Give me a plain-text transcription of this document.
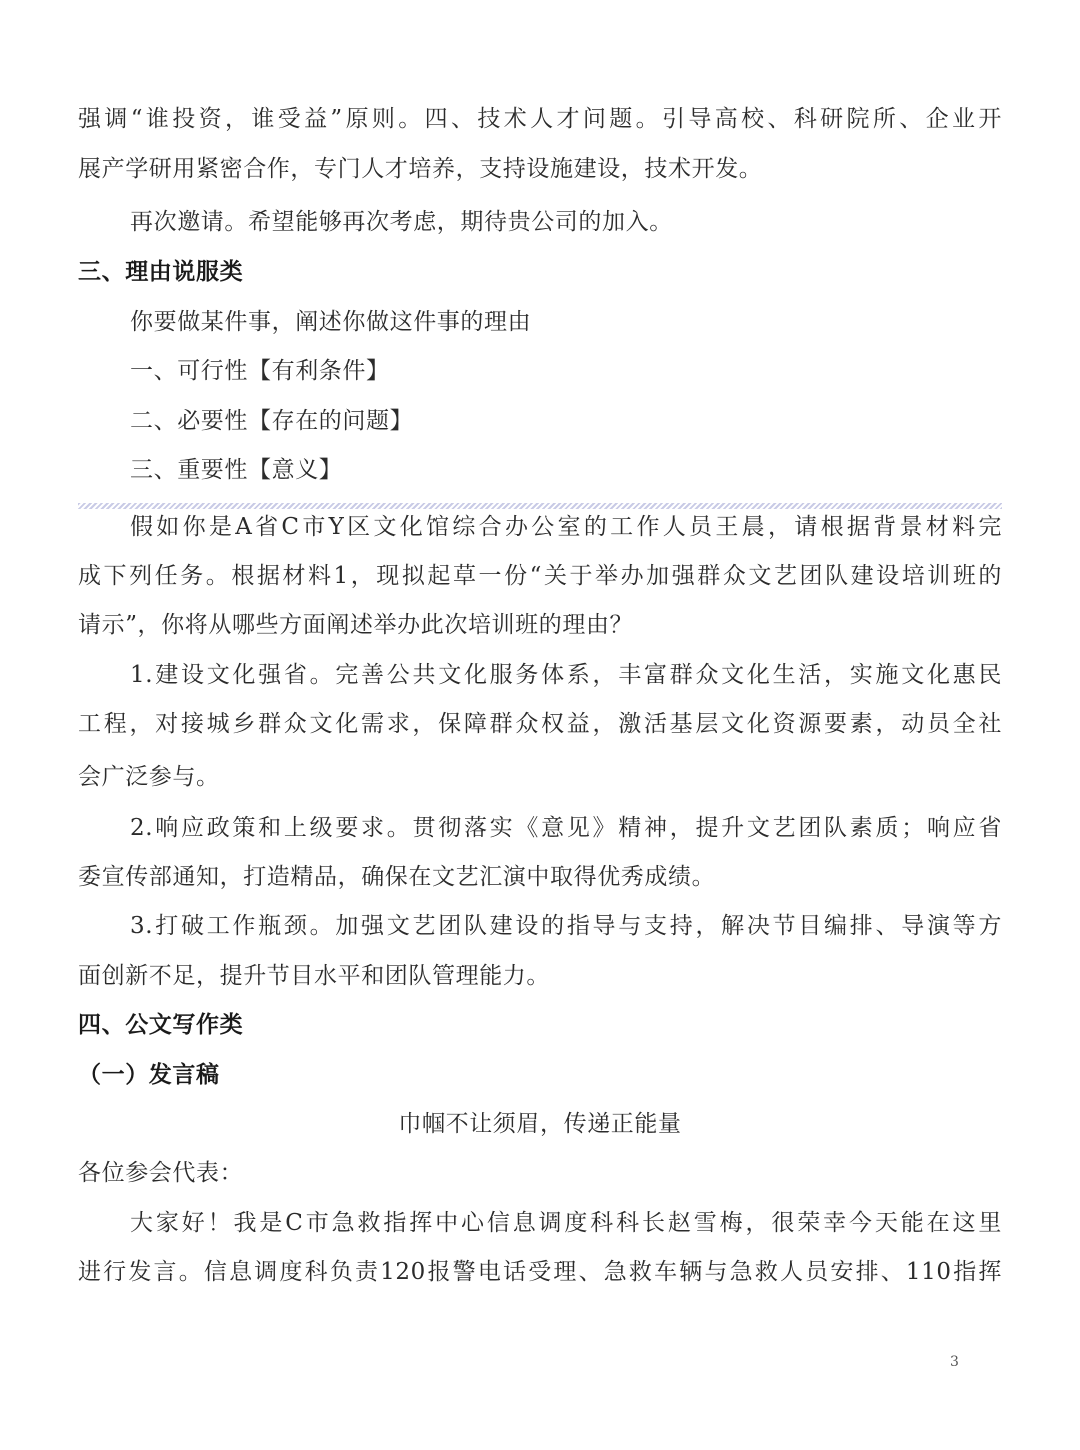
强调“谁投资，谁受益”原则。四、技术人才问题。引导高校、科研院所、企业开
展产学研用紧密合作，专门人才培养，支持设施建设，技术开发。
再次邀请。希望能够再次考虑，期待贵公司的加入。
三、理由说服类
你要做某件事，阐述你做这件事的理由
一、可行性【有利条件】
二、必要性【存在的问题】
三、重要性【意义】
假如你是A省C市Y区文化馆综合办公室的工作人员王晨，请根据背景材料完
成下列任务。根据材料1，现拟起草一份“关于举办加强群众文艺团队建设培训班的
请示”，你将从哪些方面阐述举办此次培训班的理由？
1.建设文化强省。完善公共文化服务体系，丰富群众文化生活，实施文化惠民
工程，对接城乡群众文化需求，保障群众权益，激活基层文化资源要素，动员全社
会广泛参与。
2.响应政策和上级要求。贯彻落实《意见》精神，提升文艺团队素质；响应省
委宣传部通知，打造精品，确保在文艺汇演中取得优秀成绩。
3.打破工作瓶颈。加强文艺团队建设的指导与支持，解决节目编排、导演等方
面创新不足，提升节目水平和团队管理能力。
四、公文写作类
（一）发言稿
巾帼不让须眉，传递正能量
各位参会代表：
大家好！我是C市急救指挥中心信息调度科科长赵雪梅，很荣幸今天能在这里
进行发言。信息调度科负责120报警电话受理、急救车辆与急救人员安排、110指挥
3
